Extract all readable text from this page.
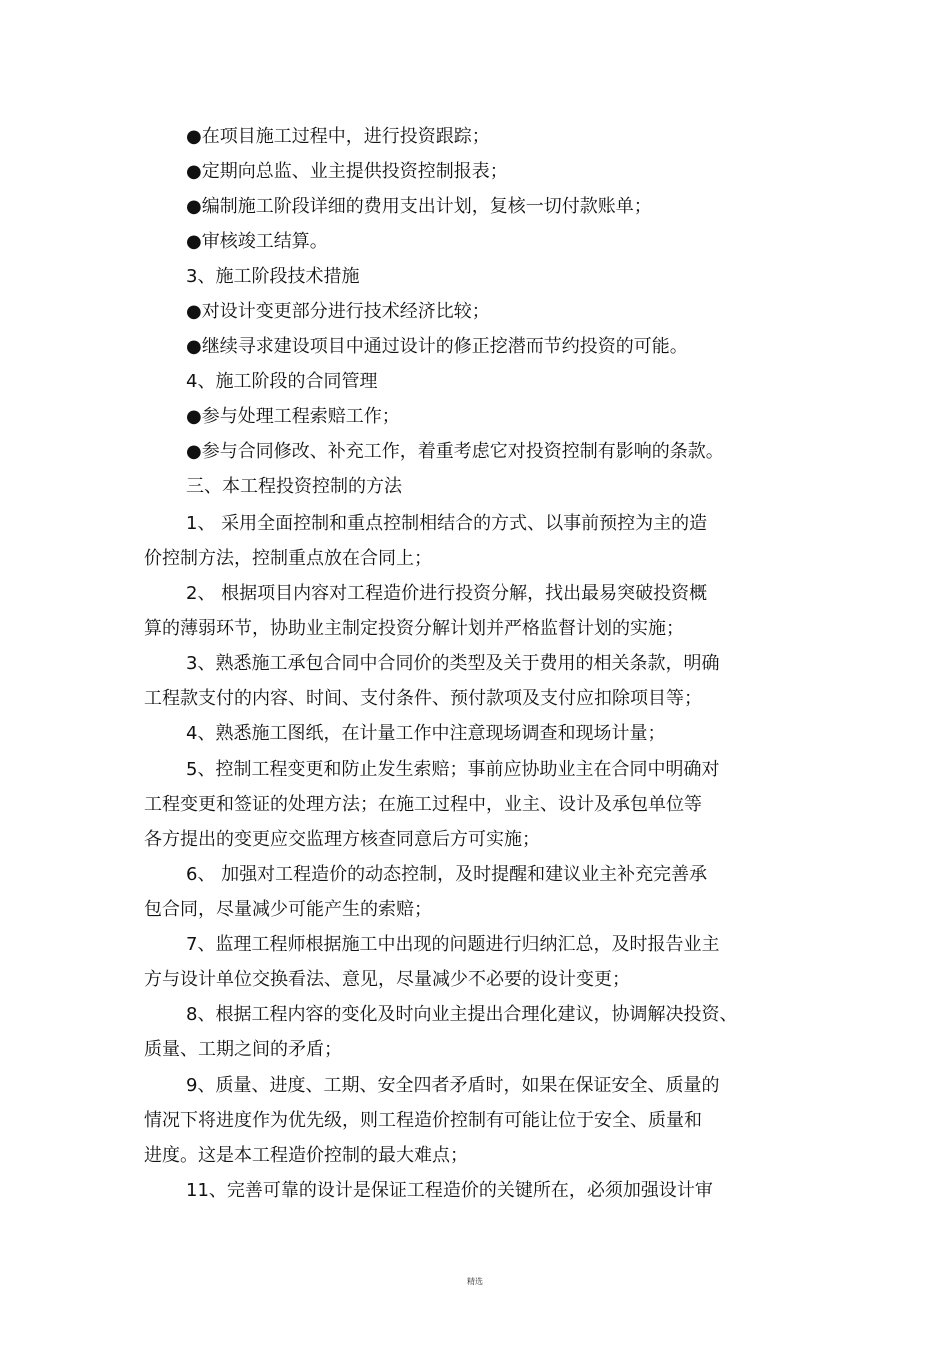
●在项目施工过程中，进行投资跟踪；
●定期向总监、业主提供投资控制报表；
●编制施工阶段详细的费用支出计划，复核一切付款账单；
●审核竣工结算。
3、施工阶段技术措施
●对设计变更部分进行技术经济比较；
●继续寻求建设项目中通过设计的修正挖潜而节约投资的可能。
4、施工阶段的合同管理
●参与处理工程索赔工作；
●参与合同修改、补充工作，着重考虑它对投资控制有影响的条款。
三、本工程投资控制的方法
1、 采用全面控制和重点控制相结合的方式、以事前预控为主的造
价控制方法，控制重点放在合同上；
2、 根据项目内容对工程造价进行投资分解，找出最易突破投资概
算的薄弱环节，协助业主制定投资分解计划并严格监督计划的实施；
3、熟悉施工承包合同中合同价的类型及关于费用的相关条款，明确
工程款支付的内容、时间、支付条件、预付款项及支付应扣除项目等；
4、熟悉施工图纸，在计量工作中注意现场调查和现场计量；
5、控制工程变更和防止发生索赔；事前应协助业主在合同中明确对
工程变更和签证的处理方法；在施工过程中，业主、设计及承包单位等
各方提出的变更应交监理方核查同意后方可实施；
6、 加强对工程造价的动态控制，及时提醒和建议业主补充完善承
包合同，尽量减少可能产生的索赔；
7、监理工程师根据施工中出现的问题进行归纳汇总，及时报告业主
方与设计单位交换看法、意见，尽量减少不必要的设计变更；
8、根据工程内容的变化及时向业主提出合理化建议，协调解决投资、
质量、工期之间的矛盾；
9、质量、进度、工期、安全四者矛盾时，如果在保证安全、质量的
情况下将进度作为优先级，则工程造价控制有可能让位于安全、质量和
进度。这是本工程造价控制的最大难点；
11、完善可靠的设计是保证工程造价的关键所在，必须加强设计审
精选
